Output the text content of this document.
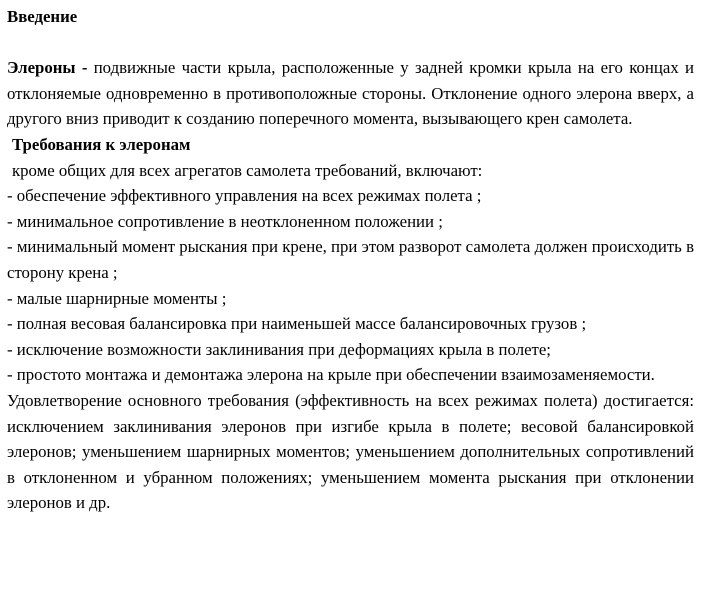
Введение

Элероны - подвижные части крыла, расположенные у задней кромки крыла на его концах и отклоняемые одновременно в противоположные стороны. Отклонение одного элерона вверх, а другого вниз приводит к созданию поперечного момента, вызывающего крен самолета.

Требования к элеронам

кроме общих для всех агрегатов самолета требований, включают:

- обеспечение эффективного управления на всех режимах полета ;

- минимальное сопротивление в неотклоненном положении ;

- минимальный момент рыскания при крене, при этом разворот самолета должен происходить в сторону крена ;

- малые шарнирные моменты ;

- полная весовая балансировка при наименьшей массе балансировочных грузов ;

- исключение возможности заклинивания при деформациях крыла в полете;

- простото монтажа и демонтажа элерона на крыле при обеспечении взаимозаменяемости.

Удовлетворение основного требования (эффективность на всех режимах полета) достигается: исключением заклинивания элеронов при изгибе крыла в полете; весовой балансировкой элеронов; уменьшением шарнирных моментов; уменьшением дополнительных сопротивлений в отклоненном и убранном положениях; уменьшением момента рыскания при отклонении элеронов и др.
